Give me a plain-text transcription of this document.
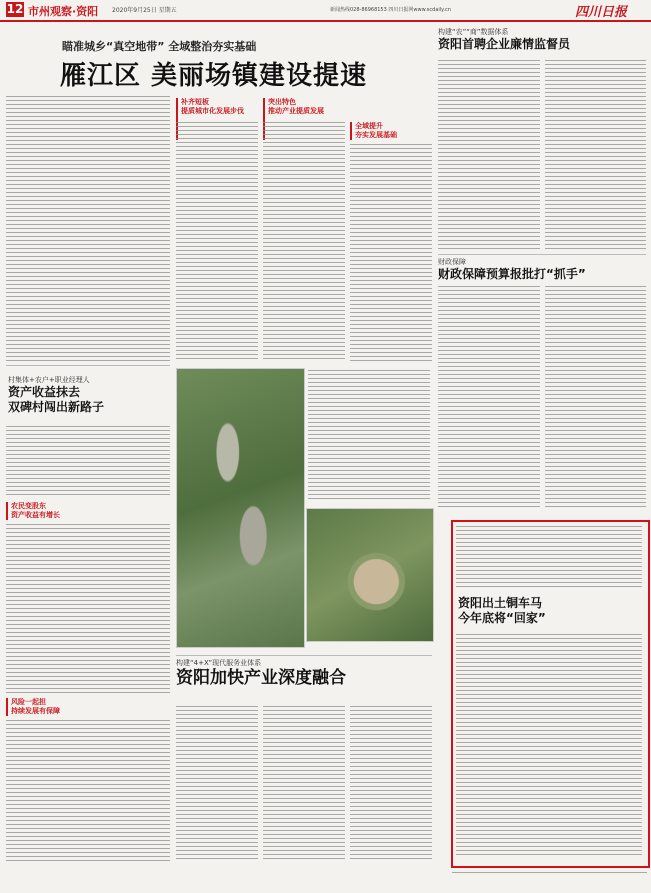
12 市州观察·资阳 2020年9月25日 星期五	新闻热线028-86968153 四川日报网www.scdaily.cn	四川日报
瞄准城乡“真空地带” 全域整治夯实基础
雁江区 美丽场镇建设提速
村集体+农户+职业经理人
资产收益抹去
双碑村闯出新路子
农民变股东
资产收益有增长
风险一起担
持续发展有保障
补齐短板
提质城市化发展步伐
突出特色
推动产业提质发展
全域提升
夯实发展基础
构建“4+X”现代服务业体系
资阳加快产业深度融合
构建“农”“商”数据体系
资阳首聘企业廉情监督员
财政保障
财政保障预算报批打“抓手”
资阳出土铜车马
今年底将“回家”
